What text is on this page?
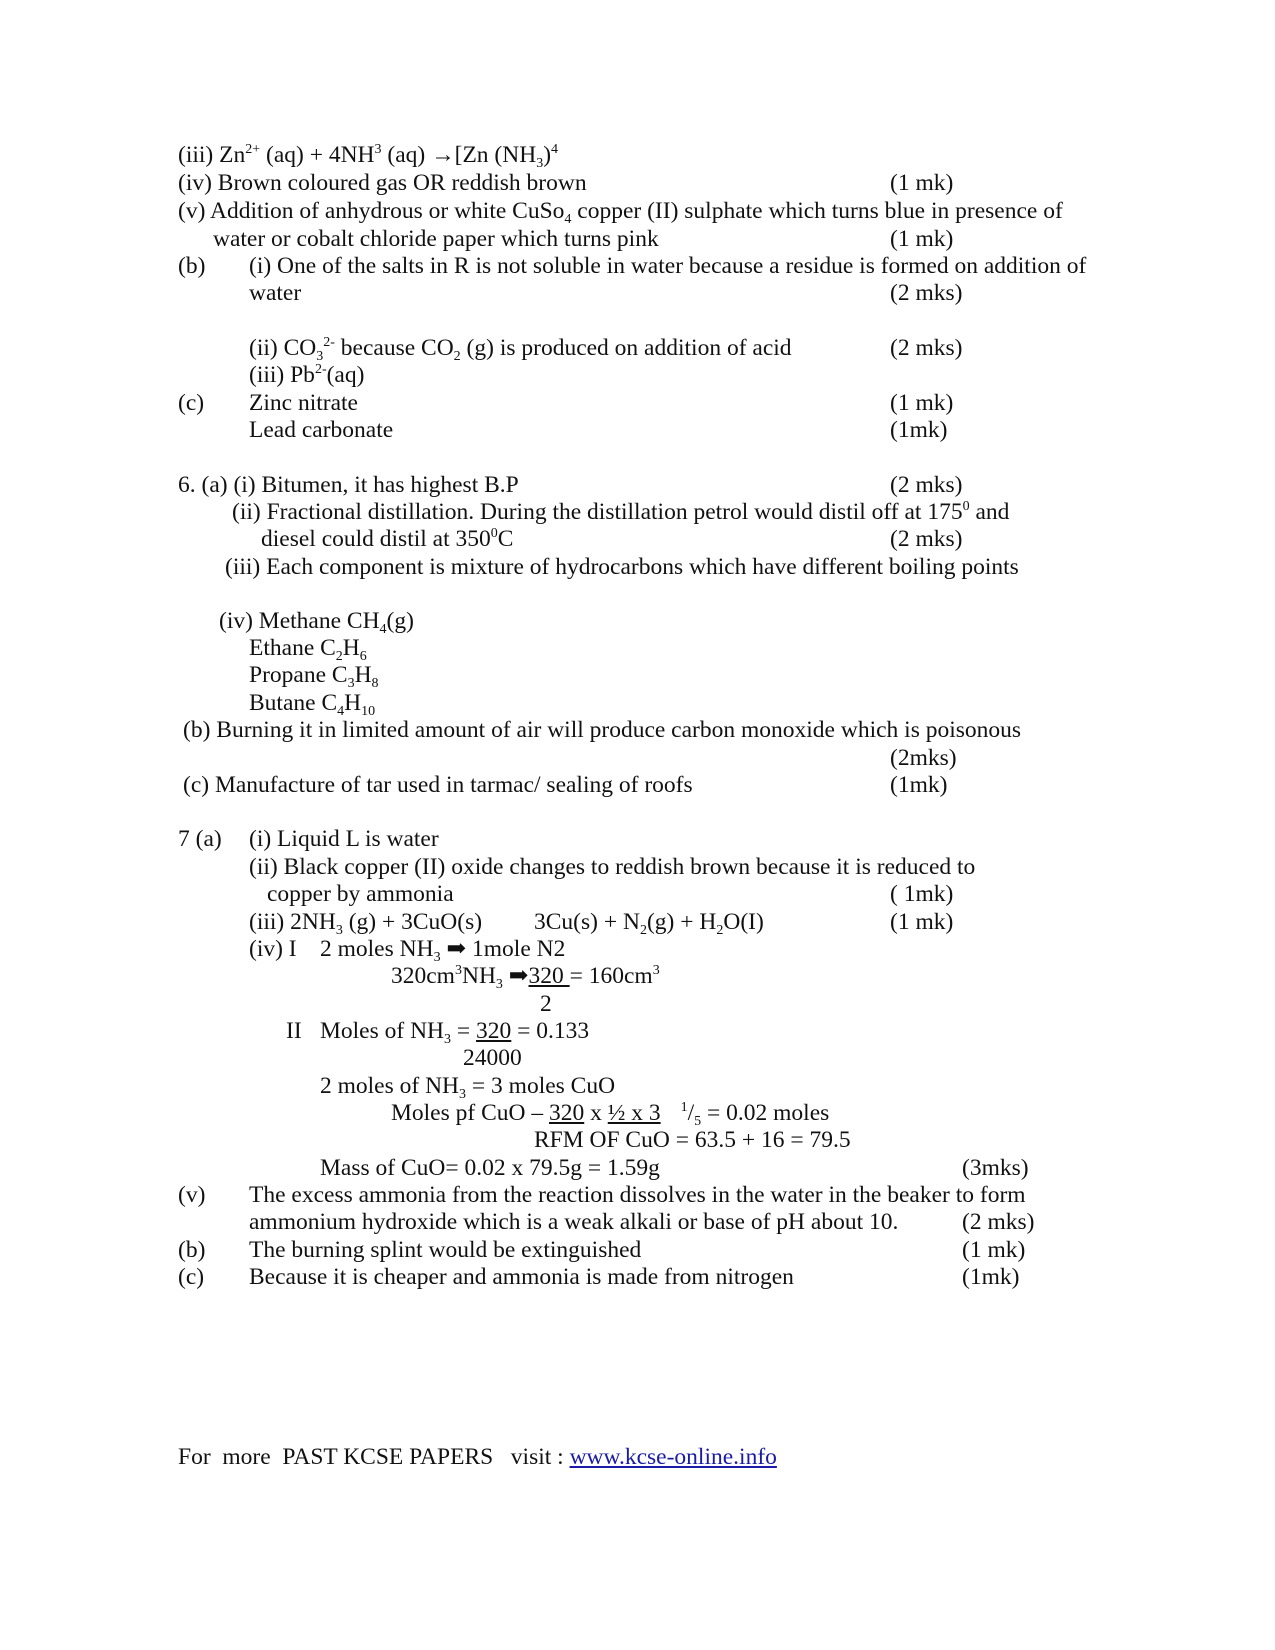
(iii) $Zn^{2+}$ $(aq) + 4NH^3$ (aq) →[Zn $(NH_3)^4$
(iv) Brown coloured gas OR reddish brown	(1 mk)
(v) Addition of anhydrous or white CuSo$_4$ copper (II) sulphate which turns blue in presence of
water or cobalt chloride paper which turns pink	(1 mk)
(b) (i) One of the salts in R is not soluble in water because a residue is formed on addition of
water	(2 mks)
(ii) $CO_3^{2-}$ because $CO_2$ (g) is produced on addition of acid	(2 mks)
(iii) $Pb^{2-}(aq)$
(c) Zinc nitrate	(1 mk)
Lead carbonate	(1mk)
6. (a) (i) Bitumen, it has highest B.P	(2 mks)
(ii) Fractional distillation. During the distillation petrol would distil off at $175^0$ and
diesel could distil at $350^0C$	(2 mks)
(iii) Each component is mixture of hydrocarbons which have different boiling points
(iv) Methane $CH_4(g)$
Ethane $C_2H_6$
Propane $C_3H_8$
Butane $C_4H_{10}$
(b) Burning it in limited amount of air will produce carbon monoxide which is poisonous
(2mks)
(c) Manufacture of tar used in tarmac/ sealing of roofs	(1mk)
7 (a) (i) Liquid L is water
(ii) Black copper (II) oxide changes to reddish brown because it is reduced to
copper by ammonia	( 1mk)
(iii) $2NH_3$ (g) + 3CuO(s) $3Cu(s) + N_2(g) + H_2O(I)$	(1 mk)
(iv) I 2 moles $NH_3$ ➡ 1mole N2
$320cm^3NH_3$ ➡320 = $160cm^3$
2
II Moles of $NH_3 = 320 = 0.133$
24000
2 moles of $NH_3 = 3$ moles CuO
Moles pf CuO – 320 x ½ x 3 $^1/_5 = 0.02$ moles
RFM OF CuO = 63.5 + 16 = 79.5
Mass of CuO= 0.02 x 79.5g = 1.59g	(3mks)
(v) The excess ammonia from the reaction dissolves in the water in the beaker to form
ammonium hydroxide which is a weak alkali or base of pH about 10.	(2 mks)
(b) The burning splint would be extinguished	(1 mk)
(c) Because it is cheaper and ammonia is made from nitrogen	(1mk)
For  more  PAST KCSE PAPERS   visit : www.kcse-online.info
